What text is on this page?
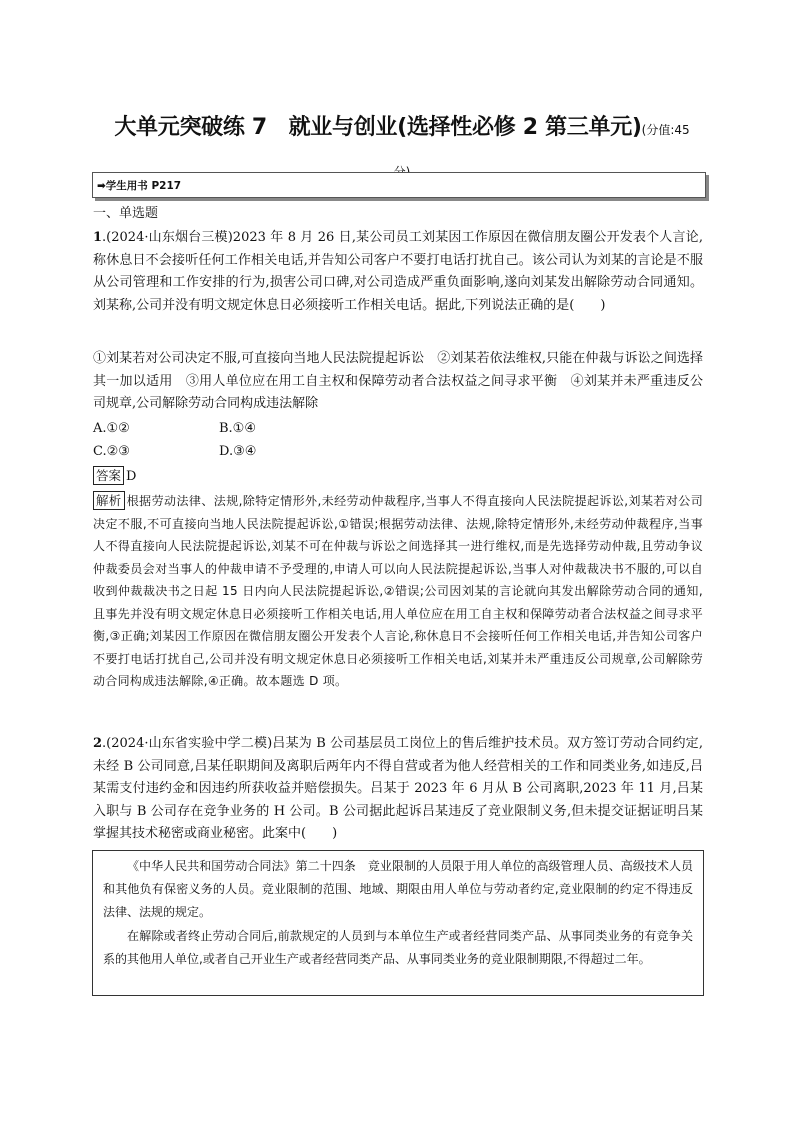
大单元突破练 7　就业与创业(选择性必修 2 第三单元)(分值:45

➡学生用书 P217
一、单选题
1.(2024·山东烟台三模)2023 年 8 月 26 日,某公司员工刘某因工作原因在微信朋友圈公开发表个人言论,称休息日不会接听任何工作相关电话,并告知公司客户不要打电话打扰自己。该公司认为刘某的言论是不服从公司管理和工作安排的行为,损害公司口碑,对公司造成严重负面影响,遂向刘某发出解除劳动合同通知。刘某称,公司并没有明文规定休息日必须接听工作相关电话。据此,下列说法正确的是(　　)
①刘某若对公司决定不服,可直接向当地人民法院提起诉讼　②刘某若依法维权,只能在仲裁与诉讼之间选择其一加以适用　③用人单位应在用工自主权和保障劳动者合法权益之间寻求平衡　④刘某并未严重违反公司规章,公司解除劳动合同构成违法解除
A.①②	B.①④
C.②③	D.③④
答案 D
解析 根据劳动法律、法规,除特定情形外,未经劳动仲裁程序,当事人不得直接向人民法院提起诉讼,刘某若对公司决定不服,不可直接向当地人民法院提起诉讼,①错误;根据劳动法律、法规,除特定情形外,未经劳动仲裁程序,当事人不得直接向人民法院提起诉讼,刘某不可在仲裁与诉讼之间选择其一进行维权,而是先选择劳动仲裁,且劳动争议仲裁委员会对当事人的仲裁申请不予受理的,申请人可以向人民法院提起诉讼,当事人对仲裁裁决书不服的,可以自收到仲裁裁决书之日起 15 日内向人民法院提起诉讼,②错误;公司因刘某的言论就向其发出解除劳动合同的通知,且事先并没有明文规定休息日必须接听工作相关电话,用人单位应在用工自主权和保障劳动者合法权益之间寻求平衡,③正确;刘某因工作原因在微信朋友圈公开发表个人言论,称休息日不会接听任何工作相关电话,并告知公司客户不要打电话打扰自己,公司并没有明文规定休息日必须接听工作相关电话,刘某并未严重违反公司规章,公司解除劳动合同构成违法解除,④正确。故本题选 D 项。
2.(2024·山东省实验中学二模)吕某为 B 公司基层员工岗位上的售后维护技术员。双方签订劳动合同约定,未经 B 公司同意,吕某任职期间及离职后两年内不得自营或者为他人经营相关的工作和同类业务,如违反,吕某需支付违约金和因违约所获收益并赔偿损失。吕某于 2023 年 6 月从 B 公司离职,2023 年 11 月,吕某入职与 B 公司存在竞争业务的 H 公司。B 公司据此起诉吕某违反了竞业限制义务,但未提交证据证明吕某掌握其技术秘密或商业秘密。此案中(　　)

《中华人民共和国劳动合同法》第二十四条　竞业限制的人员限于用人单位的高级管理人员、高级技术人员和其他负有保密义务的人员。竞业限制的范围、地域、期限由用人单位与劳动者约定,竞业限制的约定不得违反法律、法规的规定。

在解除或者终止劳动合同后,前款规定的人员到与本单位生产或者经营同类产品、从事同类业务的有竞争关系的其他用人单位,或者自己开业生产或者经营同类产品、从事同类业务的竞业限制期限,不得超过二年。
